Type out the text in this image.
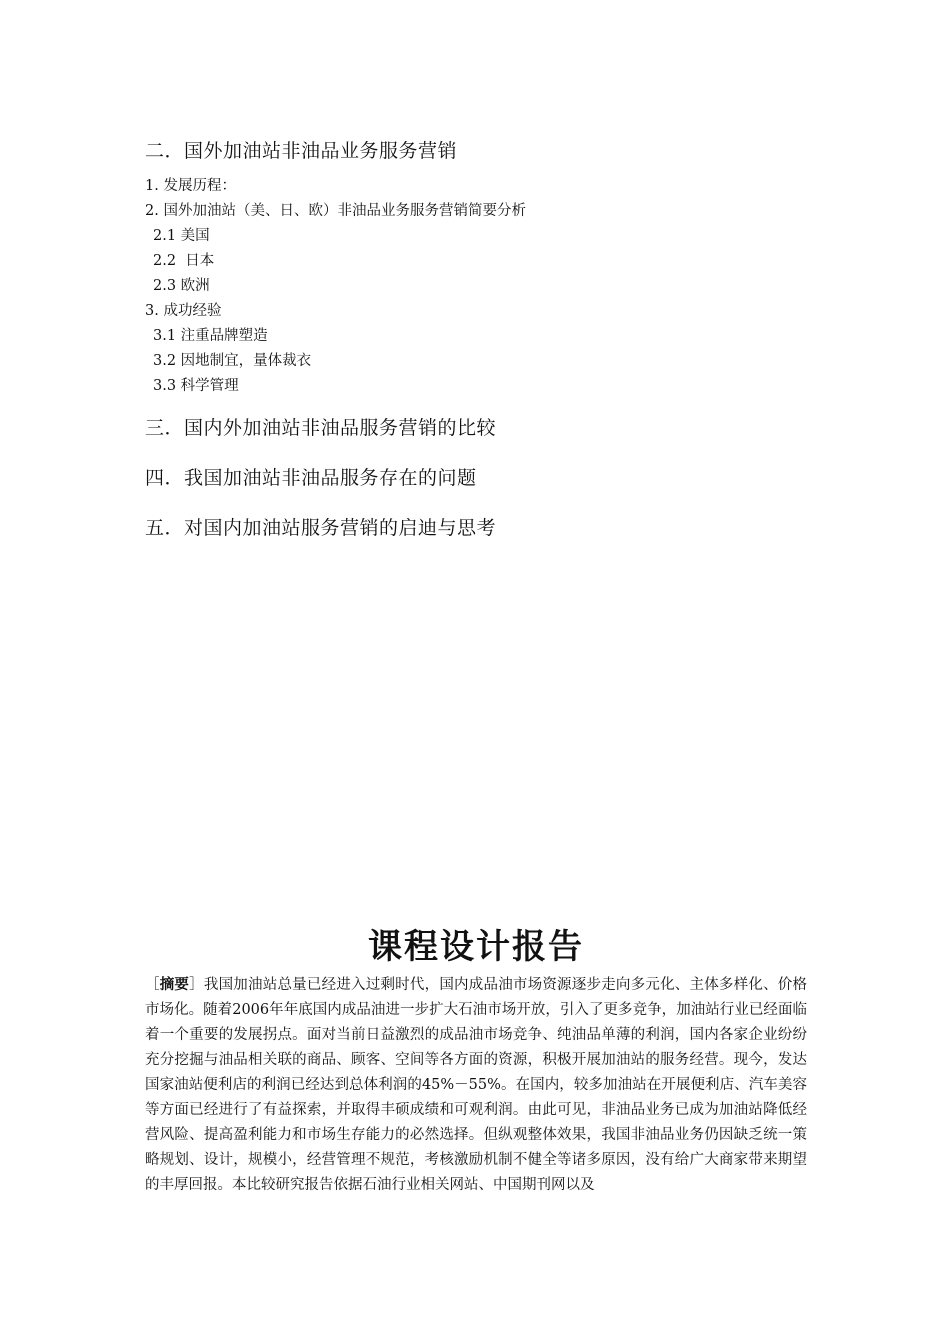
二．国外加油站非油品业务服务营销
1. 发展历程：
2. 国外加油站（美、日、欧）非油品业务服务营销简要分析
2.1 美国
2.2  日本
2.3 欧洲
3. 成功经验
3.1 注重品牌塑造
3.2 因地制宜，量体裁衣
3.3 科学管理
三．国内外加油站非油品服务营销的比较
四．我国加油站非油品服务存在的问题
五．对国内加油站服务营销的启迪与思考
课程设计报告

［摘要］我国加油站总量已经进入过剩时代，国内成品油市场资源逐步走向多元化、主体多样化、价格市场化。随着2006年年底国内成品油进一步扩大石油市场开放，引入了更多竞争，加油站行业已经面临着一个重要的发展拐点。面对当前日益激烈的成品油市场竞争、纯油品单薄的利润，国内各家企业纷纷充分挖掘与油品相关联的商品、顾客、空间等各方面的资源，积极开展加油站的服务经营。现今，发达国家油站便利店的利润已经达到总体利润的45%－55%。在国内，较多加油站在开展便利店、汽车美容等方面已经进行了有益探索，并取得丰硕成绩和可观利润。由此可见，非油品业务已成为加油站降低经营风险、提高盈利能力和市场生存能力的必然选择。但纵观整体效果，我国非油品业务仍因缺乏统一策略规划、设计，规模小，经营管理不规范，考核激励机制不健全等诸多原因，没有给广大商家带来期望的丰厚回报。本比较研究报告依据石油行业相关网站、中国期刊网以及
